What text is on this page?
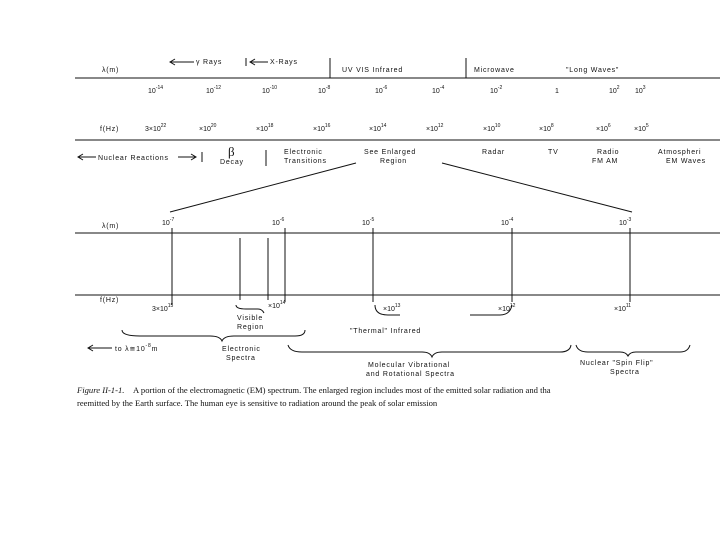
$10^{-14}$	$10^{-12}$	$10^{-10}$	$10^{-8}$	$10^{-6}$	$10^{-4}$	$10^{-2}$	1	$10^2$ $10^3$
$3\times 10^{22}$	$\times 10^{20}$	$\times 10^{18}$	$\times 10^{16}$	$\times 10^{14}$	$\times 10^{12}$	$\times 10^{10}$	$\times 10^8$	$\times 10^6$	$\times 10^5$
λ(m)
f(Hz)
γ Rays	X-Rays
UV VIS Infrared	Microwave	"Long Waves"
Nuclear Reactions	β
Decay
Electronic
Transitions
See Enlarged
Region
Radar	TV	Radio
FM AM
Atmospheri
EM Waves
$10^{-7}$	$10^{-6}$	$10^{-5}$	$10^{-4}$	$10^{-3}$
$3\times 10^{15}$	$\times 10^{14}$
$\times 10^{13}$	$\times 10^{12}$	$\times 10^{11}$
λ(m)
f(Hz)
Visible
Region
"Thermal" Infrared
to $\lambda≅10^{-8}m$	Electronic
Spectra
Molecular Vibrational
and Rotational Spectra
Nuclear "Spin Flip"
Spectra
Figure II-1-1. A portion of the electromagnetic (EM) spectrum. The enlarged region includes most of the emitted solar radiation and tha
reemitted by the Earth surface. The human eye is sensitive to radiation around the peak of solar emission
